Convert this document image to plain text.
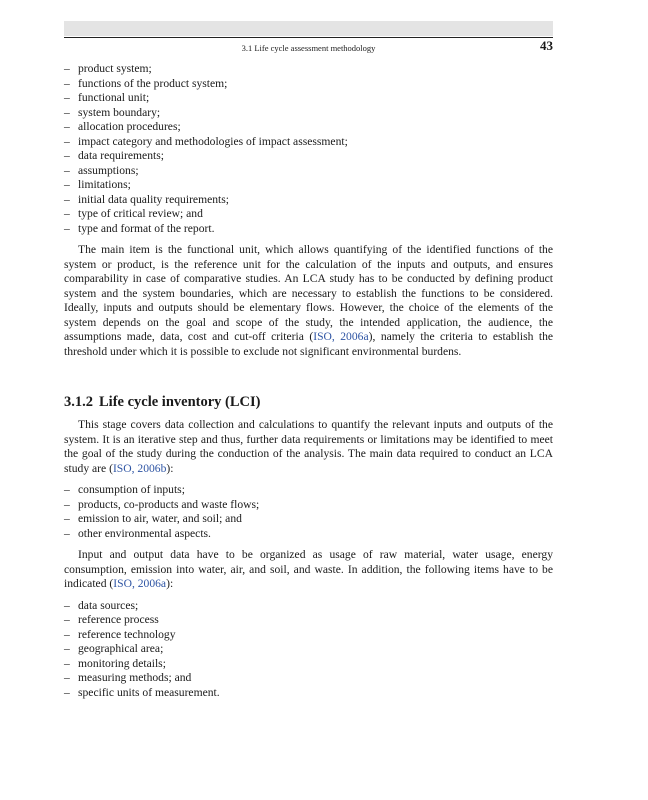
3.1 Life cycle assessment methodology	43
– product system;
– functions of the product system;
– functional unit;
– system boundary;
– allocation procedures;
– impact category and methodologies of impact assessment;
– data requirements;
– assumptions;
– limitations;
– initial data quality requirements;
– type of critical review; and
– type and format of the report.

The main item is the functional unit, which allows quantifying of the identified functions of the system or product, is the reference unit for the calculation of the inputs and outputs, and ensures comparability in case of comparative studies. An LCA study has to be conducted by defining product system and the system boundaries, which are necessary to establish the functions to be considered. Ideally, inputs and outputs should be elementary flows. However, the choice of the elements of the system depends on the goal and scope of the study, the intended application, the audience, the assumptions made, data, cost and cut-off criteria (ISO, 2006a), namely the criteria to establish the threshold under which it is possible to exclude not significant environmental burdens.

3.1.2 Life cycle inventory (LCI)

This stage covers data collection and calculations to quantify the relevant inputs and outputs of the system. It is an iterative step and thus, further data requirements or limitations may be identified to meet the goal of the study during the conduction of the analysis. The main data required to conduct an LCA study are (ISO, 2006b):

– consumption of inputs;
– products, co-products and waste flows;
– emission to air, water, and soil; and
– other environmental aspects.

Input and output data have to be organized as usage of raw material, water usage, energy consumption, emission into water, air, and soil, and waste. In addition, the following items have to be indicated (ISO, 2006a):

– data sources;
– reference process
– reference technology
– geographical area;
– monitoring details;
– measuring methods; and
– specific units of measurement.
